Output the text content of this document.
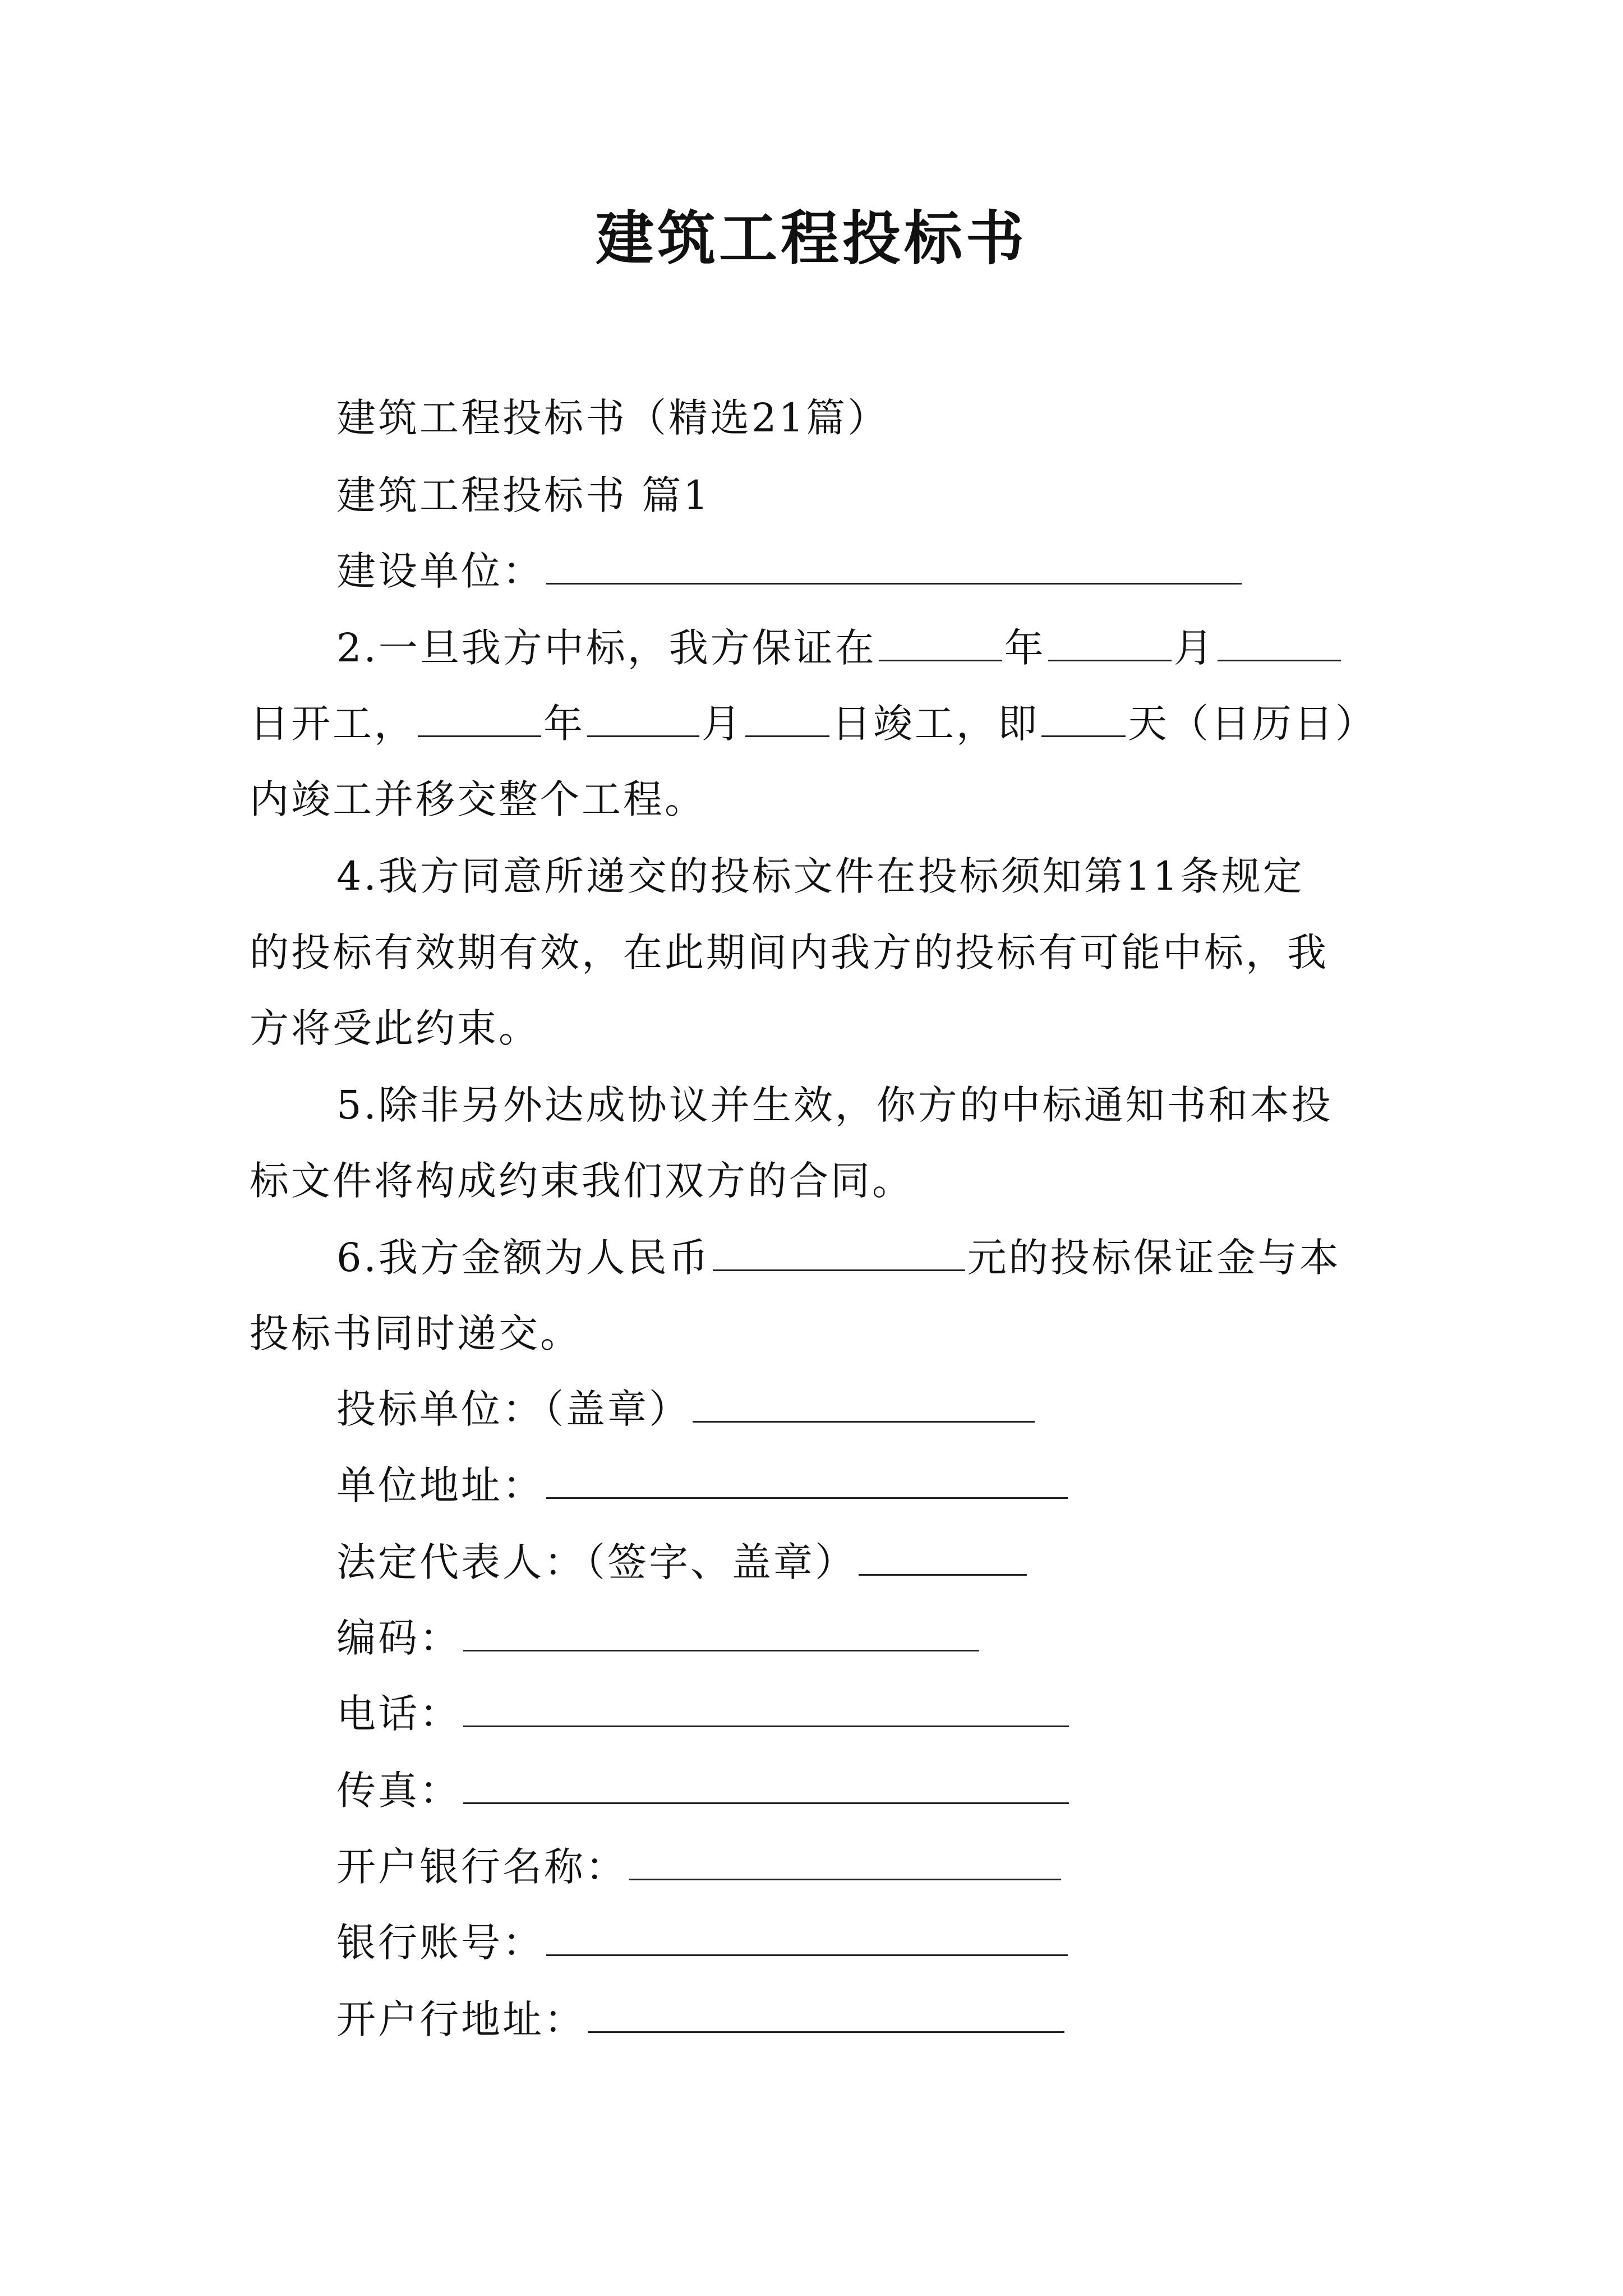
建筑工程投标书
建筑工程投标书（精选21篇）
建筑工程投标书 篇1
建设单位：
2.一旦我方中标，我方保证在	年	月
日开工，	年	月 日竣工，即 天（日历日）
内竣工并移交整个工程。
4.我方同意所递交的投标文件在投标须知第11条规定
的投标有效期有效，在此期间内我方的投标有可能中标，我
方将受此约束。
5.除非另外达成协议并生效，你方的中标通知书和本投
标文件将构成约束我们双方的合同。
6.我方金额为人民币	元的投标保证金与本
投标书同时递交。
投标单位：（盖章）
单位地址：
法定代表人：（签字、盖章）
编码：
电话：
传真：
开户银行名称：
银行账号：
开户行地址：
